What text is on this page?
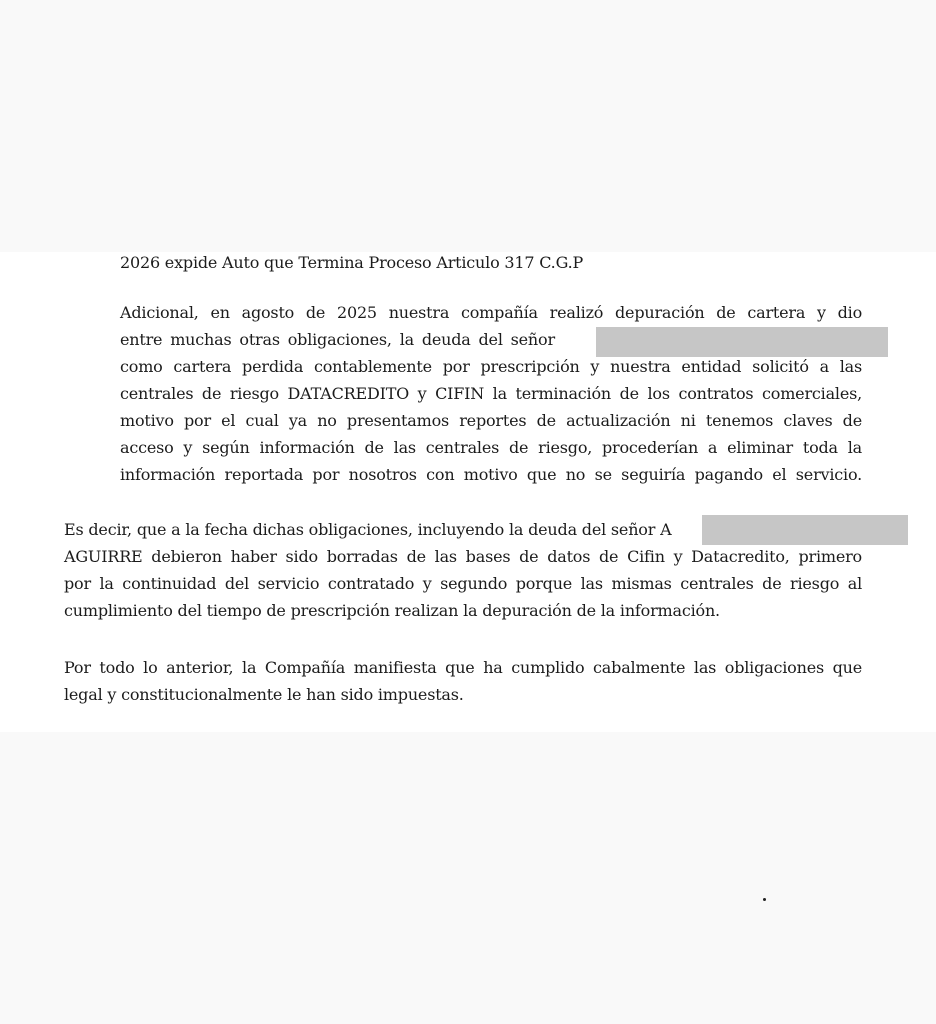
2026 expide Auto que Termina Proceso Articulo 317 C.G.P
Adicional, en agosto de 2025 nuestra compañía realizó depuración de cartera y dio
entre muchas otras obligaciones, la deuda del señor
como cartera perdida contablemente por prescripción y nuestra entidad solicitó a las
centrales de riesgo DATACREDITO y CIFIN la terminación de los contratos comerciales,
motivo por el cual ya no presentamos reportes de actualización ni tenemos claves de
acceso y según información de las centrales de riesgo, procederían a eliminar toda la
información reportada por nosotros con motivo que no se seguiría pagando el servicio.
Es decir, que a la fecha dichas obligaciones, incluyendo la deuda del señor A
AGUIRRE debieron haber sido borradas de las bases de datos de Cifin y Datacredito, primero
por la continuidad del servicio contratado y segundo porque las mismas centrales de riesgo al
cumplimiento del tiempo de prescripción realizan la depuración de la información.
Por todo lo anterior, la Compañía manifiesta que ha cumplido cabalmente las obligaciones que
legal y constitucionalmente le han sido impuestas.
